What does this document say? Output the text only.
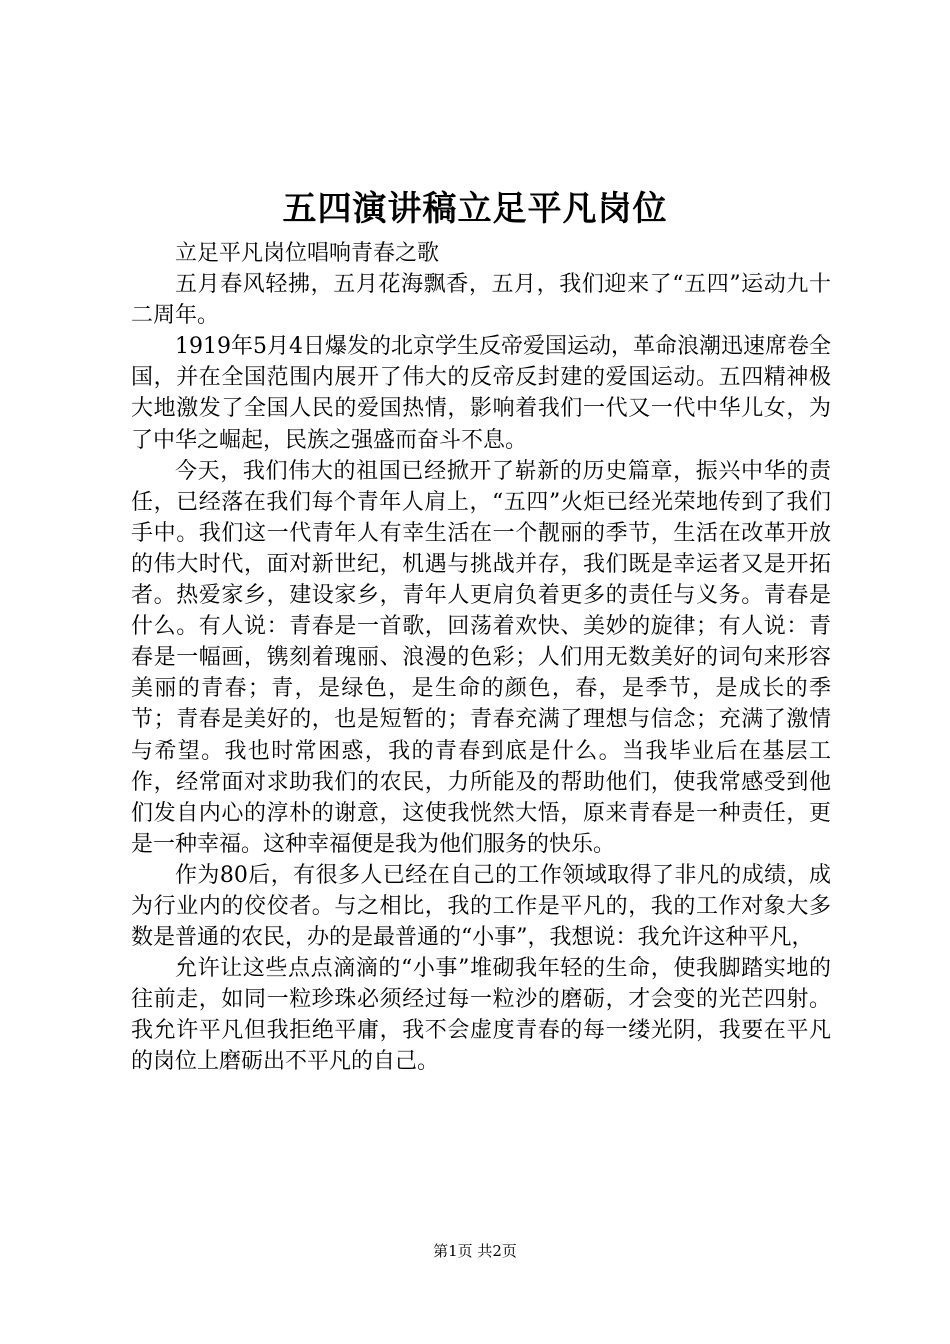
五四演讲稿立足平凡岗位

立足平凡岗位唱响青春之歌

五月春风轻拂，五月花海飘香，五月，我们迎来了“五四”运动九十二周年。

1919年5月4日爆发的北京学生反帝爱国运动，革命浪潮迅速席卷全国，并在全国范围内展开了伟大的反帝反封建的爱国运动。五四精神极大地激发了全国人民的爱国热情，影响着我们一代又一代中华儿女，为了中华之崛起，民族之强盛而奋斗不息。

今天，我们伟大的祖国已经掀开了崭新的历史篇章，振兴中华的责任，已经落在我们每个青年人肩上，“五四”火炬已经光荣地传到了我们手中。我们这一代青年人有幸生活在一个靓丽的季节，生活在改革开放的伟大时代，面对新世纪，机遇与挑战并存，我们既是幸运者又是开拓者。热爱家乡，建设家乡，青年人更肩负着更多的责任与义务。青春是什么。有人说：青春是一首歌，回荡着欢快、美妙的旋律；有人说：青春是一幅画，镌刻着瑰丽、浪漫的色彩；人们用无数美好的词句来形容美丽的青春；青，是绿色，是生命的颜色，春，是季节，是成长的季节；青春是美好的，也是短暂的；青春充满了理想与信念；充满了激情与希望。我也时常困惑，我的青春到底是什么。当我毕业后在基层工作，经常面对求助我们的农民，力所能及的帮助他们，使我常感受到他们发自内心的淳朴的谢意，这使我恍然大悟，原来青春是一种责任，更是一种幸福。这种幸福便是我为他们服务的快乐。

作为80后，有很多人已经在自己的工作领域取得了非凡的成绩，成为行业内的佼佼者。与之相比，我的工作是平凡的，我的工作对象大多数是普通的农民，办的是最普通的“小事”，我想说：我允许这种平凡，

允许让这些点点滴滴的“小事”堆砌我年轻的生命，使我脚踏实地的往前走，如同一粒珍珠必须经过每一粒沙的磨砺，才会变的光芒四射。我允许平凡但我拒绝平庸，我不会虚度青春的每一缕光阴，我要在平凡的岗位上磨砺出不平凡的自己。

第1页 共2页
